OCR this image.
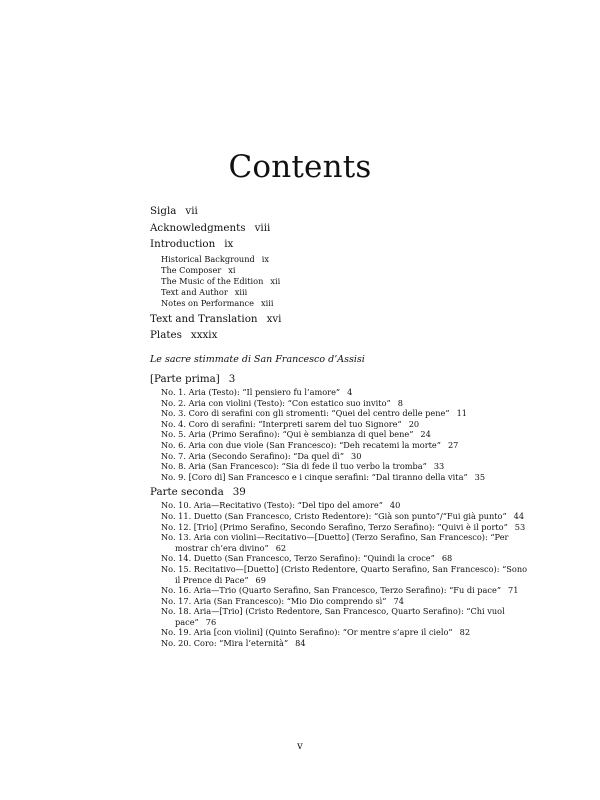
Contents
Sigla vii
Acknowledgments viii
Introduction ix
Historical Background ix
The Composer xi
The Music of the Edition xii
Text and Author xiii
Notes on Performance xiii
Text and Translation xvi
Plates xxxix
Le sacre stimmate di San Francesco d’Assisi
[Parte prima] 3

No. 1. Aria (Testo): “Il pensiero fu l’amore” 4

No. 2. Aria con violini (Testo): “Con estatico suo invito” 8

No. 3. Coro di serafini con gli stromenti: “Quei del centro delle pene” 11

No. 4. Coro di serafini: “Interpreti sarem del tuo Signore” 20

No. 5. Aria (Primo Serafino): “Qui è sembianza di quel bene” 24

No. 6. Aria con due viole (San Francesco): “Deh recatemi la morte” 27

No. 7. Aria (Secondo Serafino): “Da quel dì” 30

No. 8. Aria (San Francesco): “Sia di fede il tuo verbo la tromba” 33

No. 9. [Coro di] San Francesco e i cinque serafini: “Dal tiranno della vita” 35

Parte seconda 39

No. 10. Aria—Recitativo (Testo): “Del tipo del amore” 40

No. 11. Duetto (San Francesco, Cristo Redentore): “Già son punto”/“Fui già punto” 44

No. 12. [Trio] (Primo Serafino, Secondo Serafino, Terzo Serafino): “Quivi è il porto” 53

No. 13. Aria con violini—Recitativo—[Duetto] (Terzo Serafino, San Francesco): “Per mostrar ch’era divino” 62

No. 14. Duetto (San Francesco, Terzo Serafino): “Quindi la croce” 68

No. 15. Recitativo—[Duetto] (Cristo Redentore, Quarto Serafino, San Francesco): “Sono il Prence di Pace” 69

No. 16. Aria—Trio (Quarto Serafino, San Francesco, Terzo Serafino): “Fu di pace” 71

No. 17. Aria (San Francesco): “Mio Dio comprendo sì” 74

No. 18. Aria—[Trio] (Cristo Redentore, San Francesco, Quarto Serafino): “Chi vuol pace” 76

No. 19. Aria [con violini] (Quinto Serafino): “Or mentre s’apre il cielo” 82

No. 20. Coro: “Mira l’eternità” 84

v
